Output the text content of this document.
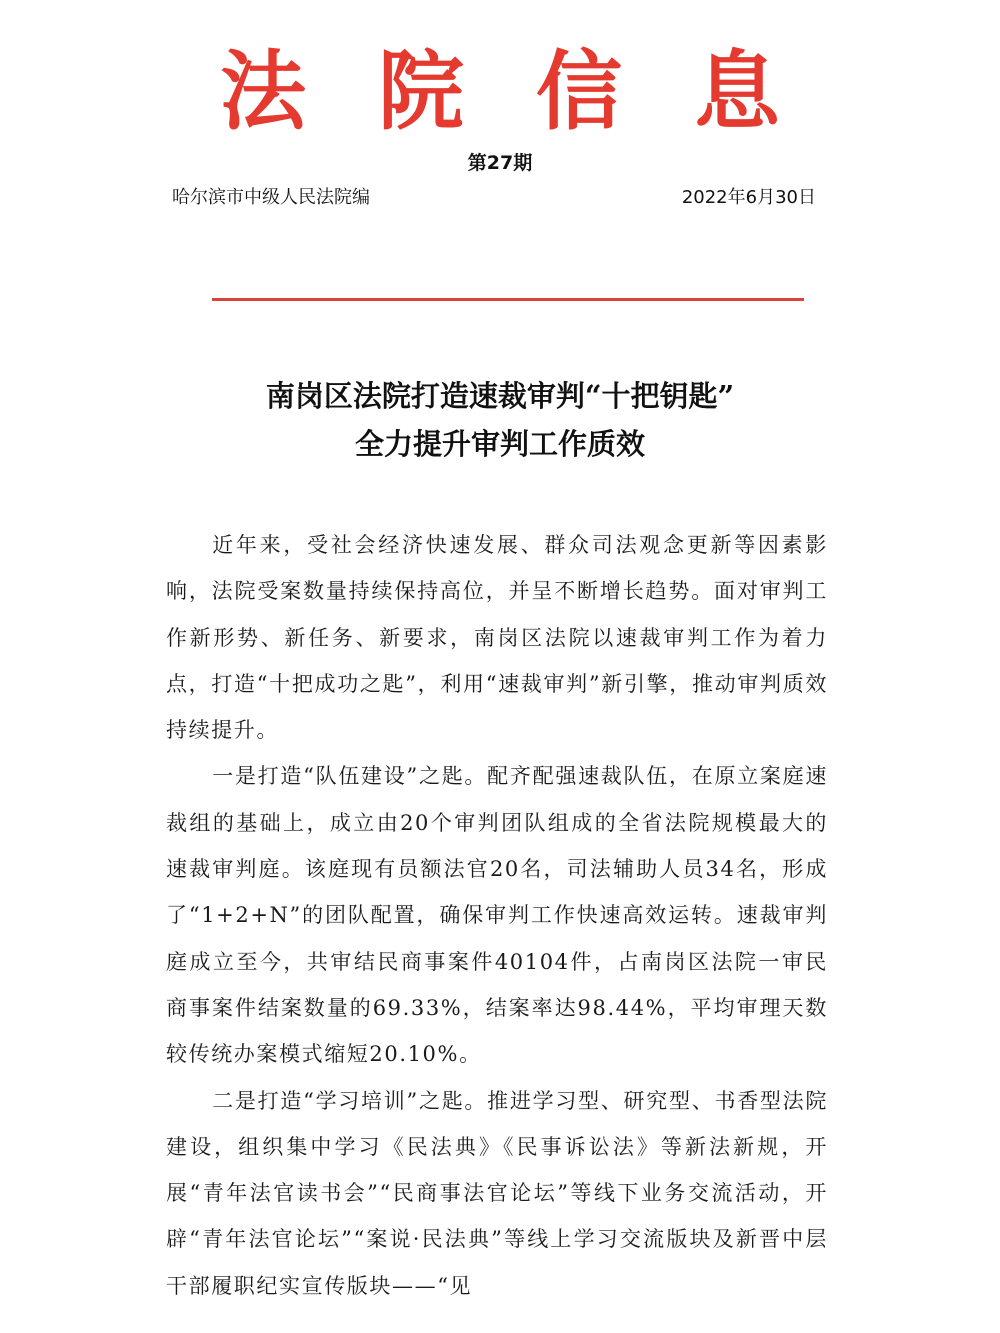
法院信息
第27期
哈尔滨市中级人民法院编	2022年6月30日
南岗区法院打造速裁审判“十把钥匙”
全力提升审判工作质效

近年来，受社会经济快速发展、群众司法观念更新等因素影响，法院受案数量持续保持高位，并呈不断增长趋势。面对审判工作新形势、新任务、新要求，南岗区法院以速裁审判工作为着力点，打造“十把成功之匙”，利用“速裁审判”新引擎，推动审判质效持续提升。

一是打造“队伍建设”之匙。配齐配强速裁队伍，在原立案庭速裁组的基础上，成立由20个审判团队组成的全省法院规模最大的速裁审判庭。该庭现有员额法官20名，司法辅助人员34名，形成了“1+2+N”的团队配置，确保审判工作快速高效运转。速裁审判庭成立至今，共审结民商事案件40104件，占南岗区法院一审民商事案件结案数量的69.33%，结案率达98.44%，平均审理天数较传统办案模式缩短20.10%。

二是打造“学习培训”之匙。推进学习型、研究型、书香型法院建设，组织集中学习《民法典》《民事诉讼法》等新法新规，开展“青年法官读书会”“民商事法官论坛”等线下业务交流活动，开辟“青年法官论坛”“案说·民法典”等线上学习交流版块及新晋中层干部履职纪实宣传版块——“见
